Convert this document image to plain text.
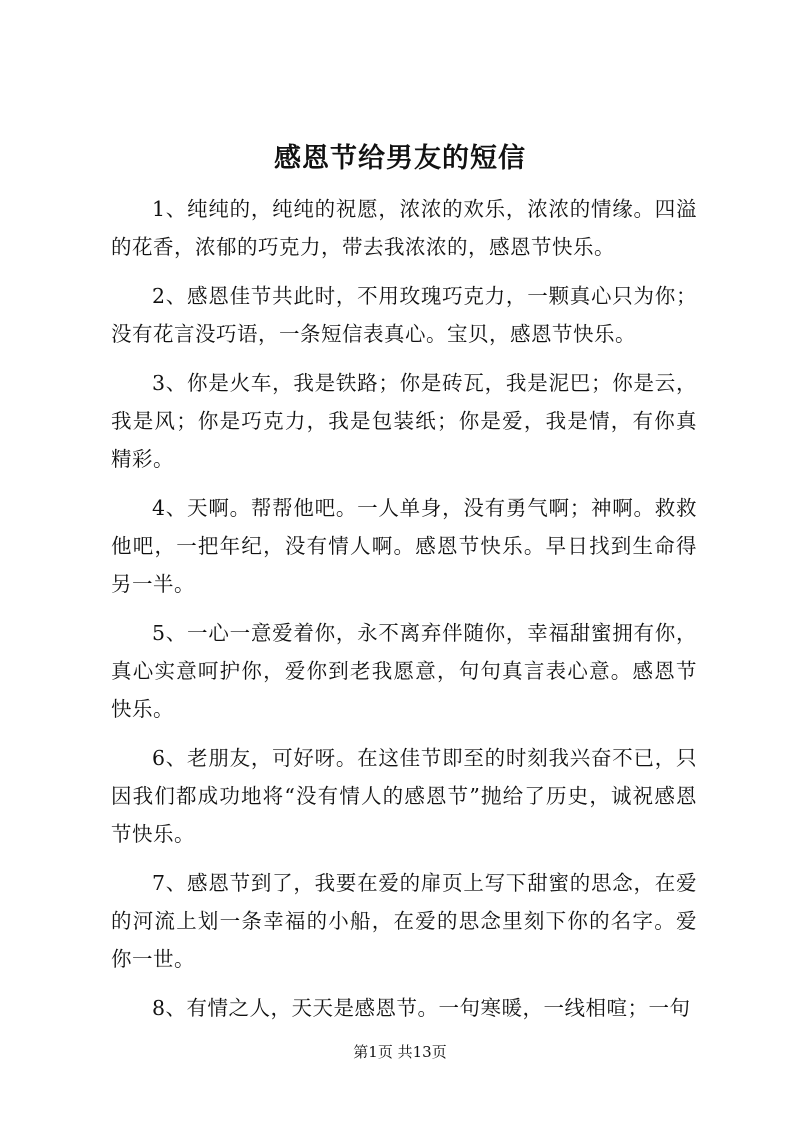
感恩节给男友的短信

1、纯纯的，纯纯的祝愿，浓浓的欢乐，浓浓的情缘。四溢的花香，浓郁的巧克力，带去我浓浓的，感恩节快乐。

2、感恩佳节共此时，不用玫瑰巧克力，一颗真心只为你；没有花言没巧语，一条短信表真心。宝贝，感恩节快乐。

3、你是火车，我是铁路；你是砖瓦，我是泥巴；你是云，我是风；你是巧克力，我是包装纸；你是爱，我是情，有你真精彩。

4、天啊。帮帮他吧。一人单身，没有勇气啊；神啊。救救他吧，一把年纪，没有情人啊。感恩节快乐。早日找到生命得另一半。

5、一心一意爱着你，永不离弃伴随你，幸福甜蜜拥有你，真心实意呵护你，爱你到老我愿意，句句真言表心意。感恩节快乐。

6、老朋友，可好呀。在这佳节即至的时刻我兴奋不已，只因我们都成功地将“没有情人的感恩节”抛给了历史，诚祝感恩节快乐。

7、感恩节到了，我要在爱的扉页上写下甜蜜的思念，在爱的河流上划一条幸福的小船，在爱的思念里刻下你的名字。爱你一世。

8、有情之人，天天是感恩节。一句寒暖，一线相喧；一句

第1页 共13页
